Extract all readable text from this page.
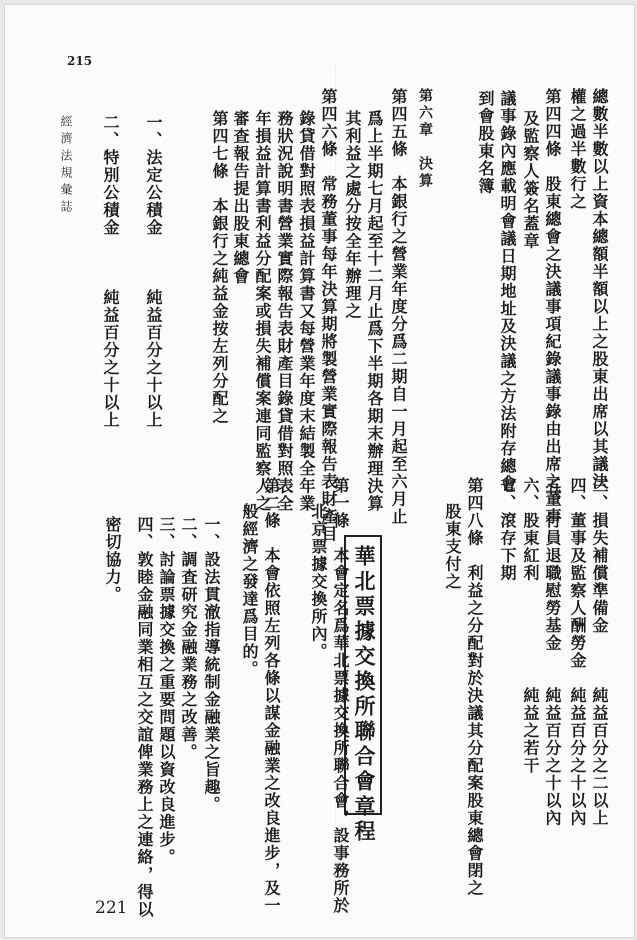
215
經濟法規彙誌	總數半數以上資本總額半額以上之股東出席以其議決
權之過半數行之
第四四條　股東總會之決議事項紀錄議事錄由出席之董事
及監察人簽名蓋章
議事錄內應載明會議日期地址及決議之方法附存總會
到會股東名簿
第六章　決算
第四五條　本銀行之營業年度分爲二期自一月起至六月止
爲上半期七月起至十二月止爲下半期各期末辦理決算
其利益之處分按全年辦理之
第四六條　常務董事每年決算期將製營業實際報告表財產目
錄貸借對照表損益計算書又每營業年度末結製全年業
務狀況說明書營業實際報告表財產目錄貸借對照表全
年損益計算書利益分配案或損失補償案連同監察人之
審查報告提出股東總會
第四七條　本銀行之純益金按左列分配之
一、法定公積金　　　純益百分之十以上
二、特別公積金　　　純益百分之十以上
華北票據交換所聯合會章程	三、損失補償準備金　　　純益百分之二以上
四、董事及監察人酬勞金　純益百分之十以內
五、行員退職慰勞基金　　純益百分之十以內
六、股東紅利　　　　　　純益之若干
七、滾存下期
第四八條　利益之分配對於決議其分配案股東總會閉之
股東支付之
第一條　本會定名爲華北票據交換所聯合會，設事務所於
北京票據交換所內。
第二條　本會依照左列各條以謀金融業之改良進步，及一
般經濟之發達爲目的。
一、設法貫澈指導統制金融業之旨趣。
二、調査研究金融業務之改善。
三、討論票據交換之重要問題以資改良進步。
四、敦睦金融同業相互之交誼俾業務上之連絡，得以
密切協力。
221
